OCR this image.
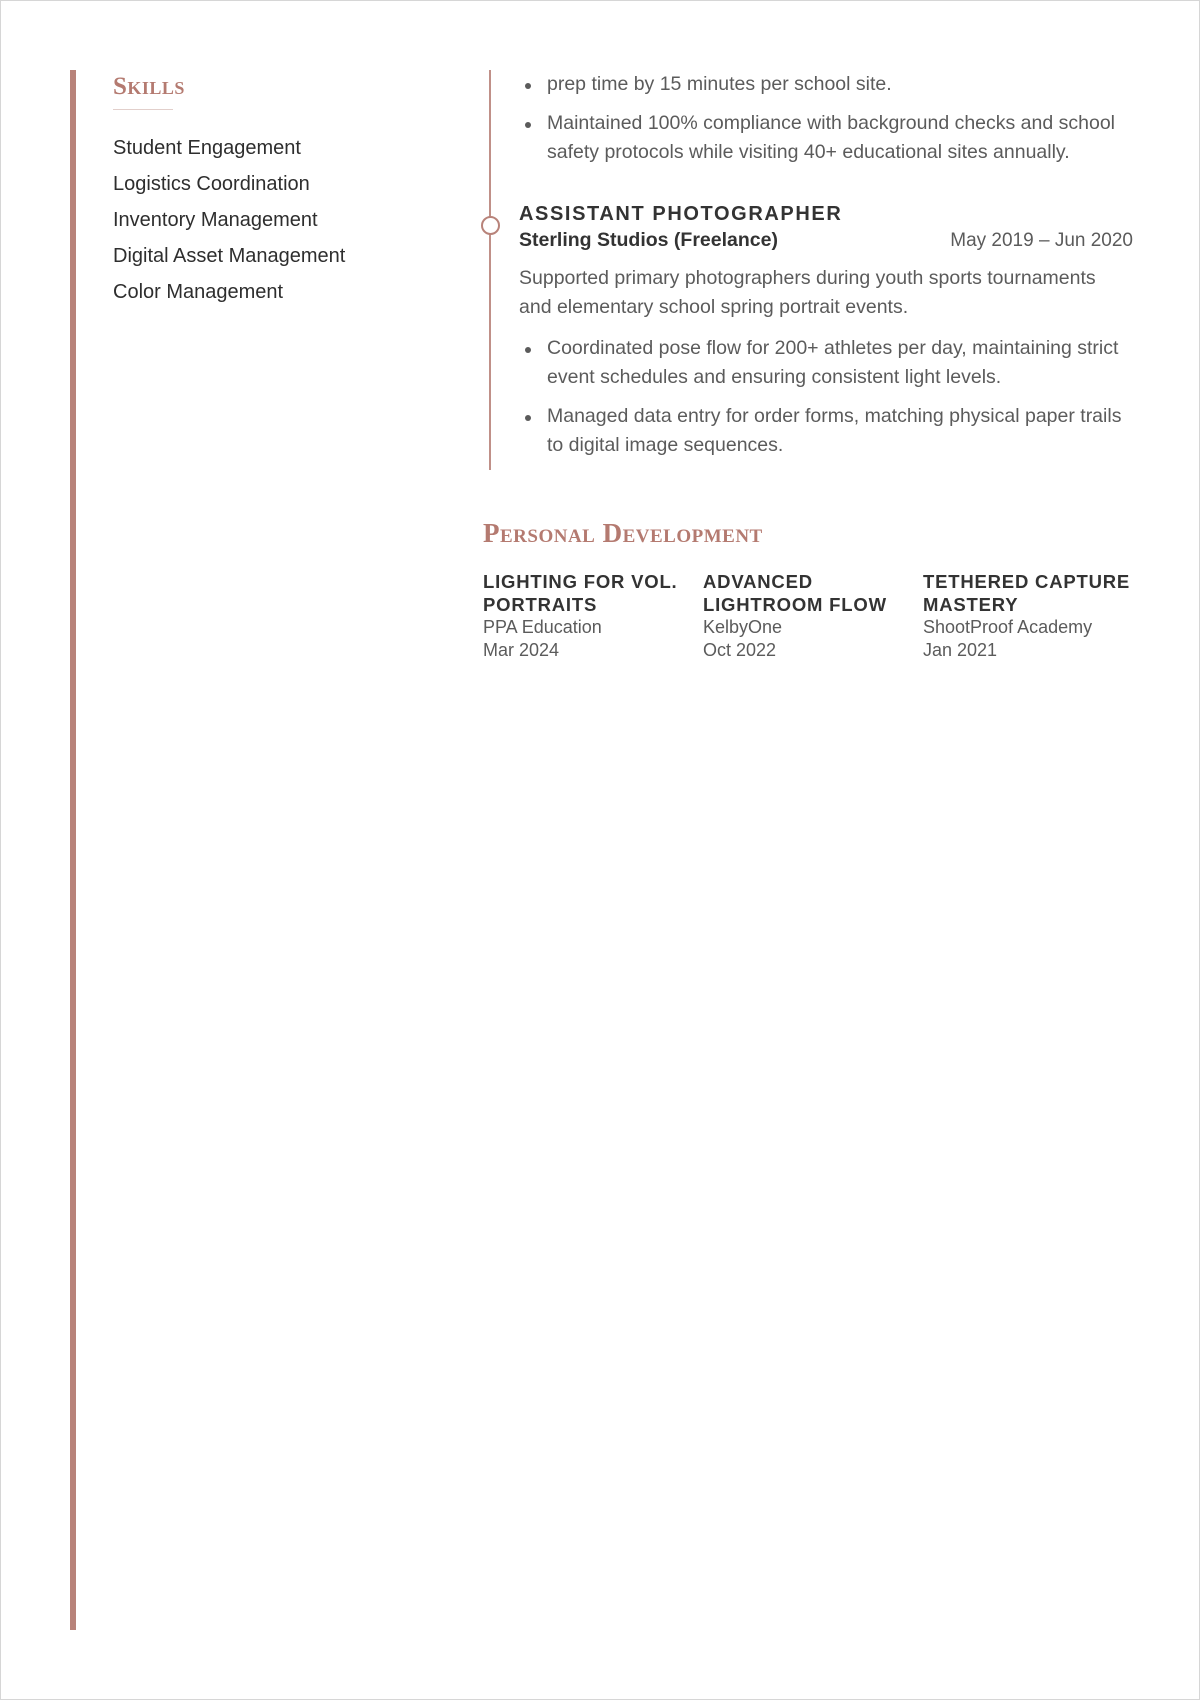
Skills
Student Engagement
Logistics Coordination
Inventory Management
Digital Asset Management
Color Management
prep time by 15 minutes per school site.
Maintained 100% compliance with background checks and school safety protocols while visiting 40+ educational sites annually.
ASSISTANT PHOTOGRAPHER
Sterling Studios (Freelance)	May 2019 – Jun 2020

Supported primary photographers during youth sports tournaments and elementary school spring portrait events.

Coordinated pose flow for 200+ athletes per day, maintaining strict event schedules and ensuring consistent light levels.
Managed data entry for order forms, matching physical paper trails to digital image sequences.
Personal Development
LIGHTING FOR VOL. PORTRAITS
PPA Education
Mar 2024
ADVANCED LIGHTROOM FLOW
KelbyOne
Oct 2022
TETHERED CAPTURE MASTERY
ShootProof Academy
Jan 2021
